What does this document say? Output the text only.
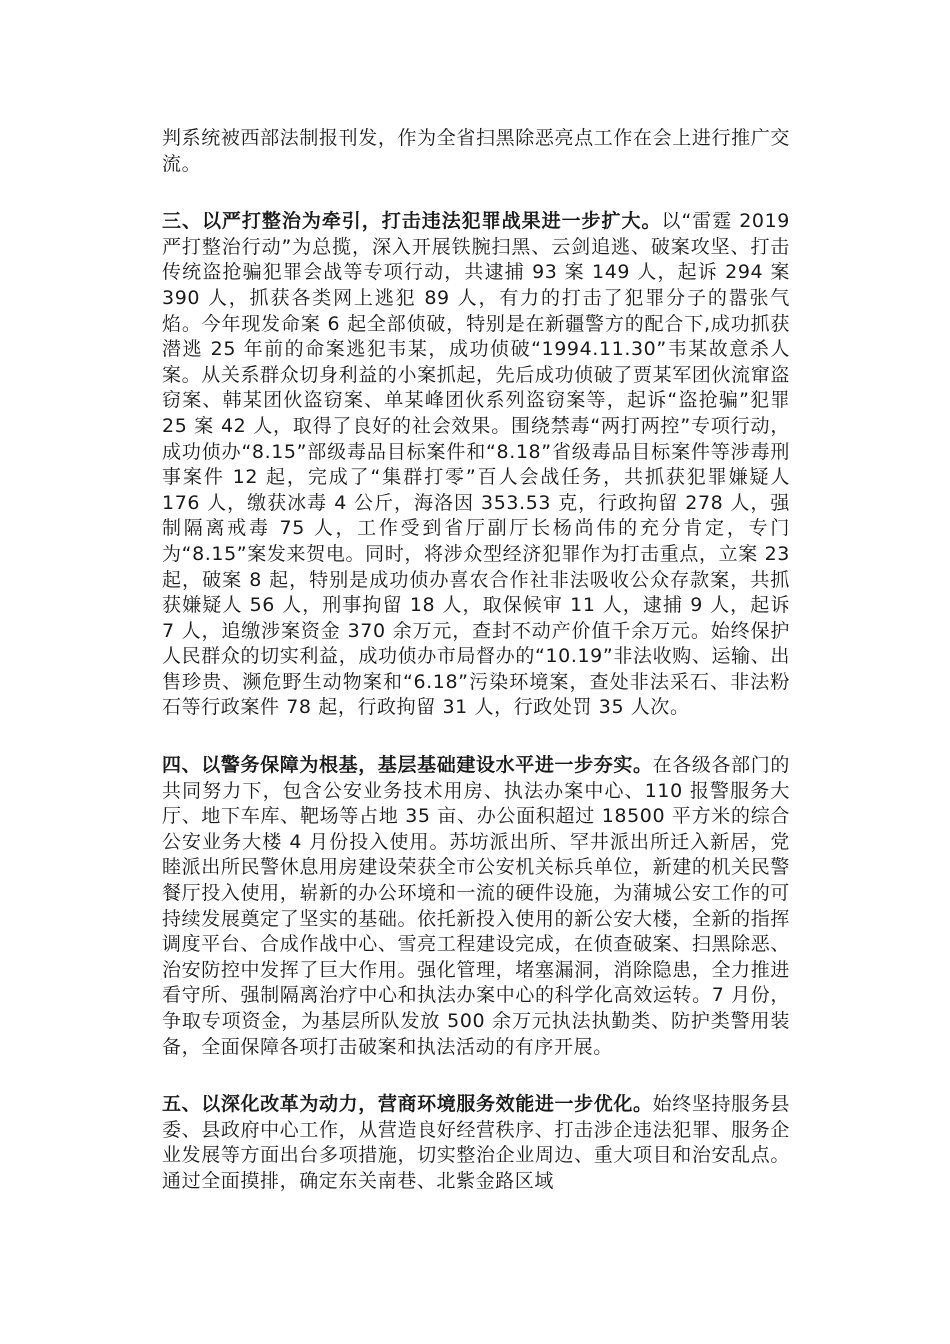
判系统被西部法制报刊发，作为全省扫黑除恶亮点工作在会上进行推广交流。

三、以严打整治为牵引，打击违法犯罪战果进一步扩大。以“雷霆 2019 严打整治行动”为总揽，深入开展铁腕扫黑、云剑追逃、破案攻坚、打击传统盗抢骗犯罪会战等专项行动，共逮捕 93 案 149 人，起诉 294 案 390 人，抓获各类网上逃犯 89 人，有力的打击了犯罪分子的嚣张气焰。今年现发命案 6 起全部侦破，特别是在新疆警方的配合下,成功抓获潜逃 25 年前的命案逃犯韦某，成功侦破“1994.11.30”韦某故意杀人案。从关系群众切身利益的小案抓起，先后成功侦破了贾某军团伙流窜盗窃案、韩某团伙盗窃案、单某峰团伙系列盗窃案等，起诉“盗抢骗”犯罪 25 案 42 人，取得了良好的社会效果。围绕禁毒“两打两控”专项行动，成功侦办“8.15”部级毒品目标案件和“8.18”省级毒品目标案件等涉毒刑事案件 12 起，完成了“集群打零”百人会战任务，共抓获犯罪嫌疑人 176 人，缴获冰毒 4 公斤，海洛因 353.53 克，行政拘留 278 人，强制隔离戒毒 75 人，工作受到省厅副厅长杨尚伟的充分肯定，专门为“8.15”案发来贺电。同时，将涉众型经济犯罪作为打击重点，立案 23 起，破案 8 起，特别是成功侦办喜农合作社非法吸收公众存款案，共抓获嫌疑人 56 人，刑事拘留 18 人，取保候审 11 人，逮捕 9 人，起诉 7 人，追缴涉案资金 370 余万元，查封不动产价值千余万元。始终保护人民群众的切实利益，成功侦办市局督办的“10.19”非法收购、运输、出售珍贵、濒危野生动物案和“6.18”污染环境案，查处非法采石、非法粉石等行政案件 78 起，行政拘留 31 人，行政处罚 35 人次。

四、以警务保障为根基，基层基础建设水平进一步夯实。在各级各部门的共同努力下，包含公安业务技术用房、执法办案中心、110 报警服务大厅、地下车库、靶场等占地 35 亩、办公面积超过 18500 平方米的综合公安业务大楼 4 月份投入使用。苏坊派出所、罕井派出所迁入新居，党睦派出所民警休息用房建设荣获全市公安机关标兵单位，新建的机关民警餐厅投入使用，崭新的办公环境和一流的硬件设施，为蒲城公安工作的可持续发展奠定了坚实的基础。依托新投入使用的新公安大楼，全新的指挥调度平台、合成作战中心、雪亮工程建设完成，在侦查破案、扫黑除恶、治安防控中发挥了巨大作用。强化管理，堵塞漏洞，消除隐患，全力推进看守所、强制隔离治疗中心和执法办案中心的科学化高效运转。7 月份，争取专项资金，为基层所队发放 500 余万元执法执勤类、防护类警用装备，全面保障各项打击破案和执法活动的有序开展。

五、以深化改革为动力，营商环境服务效能进一步优化。始终坚持服务县委、县政府中心工作，从营造良好经营秩序、打击涉企违法犯罪、服务企业发展等方面出台多项措施，切实整治企业周边、重大项目和治安乱点。通过全面摸排，确定东关南巷、北紫金路区域
